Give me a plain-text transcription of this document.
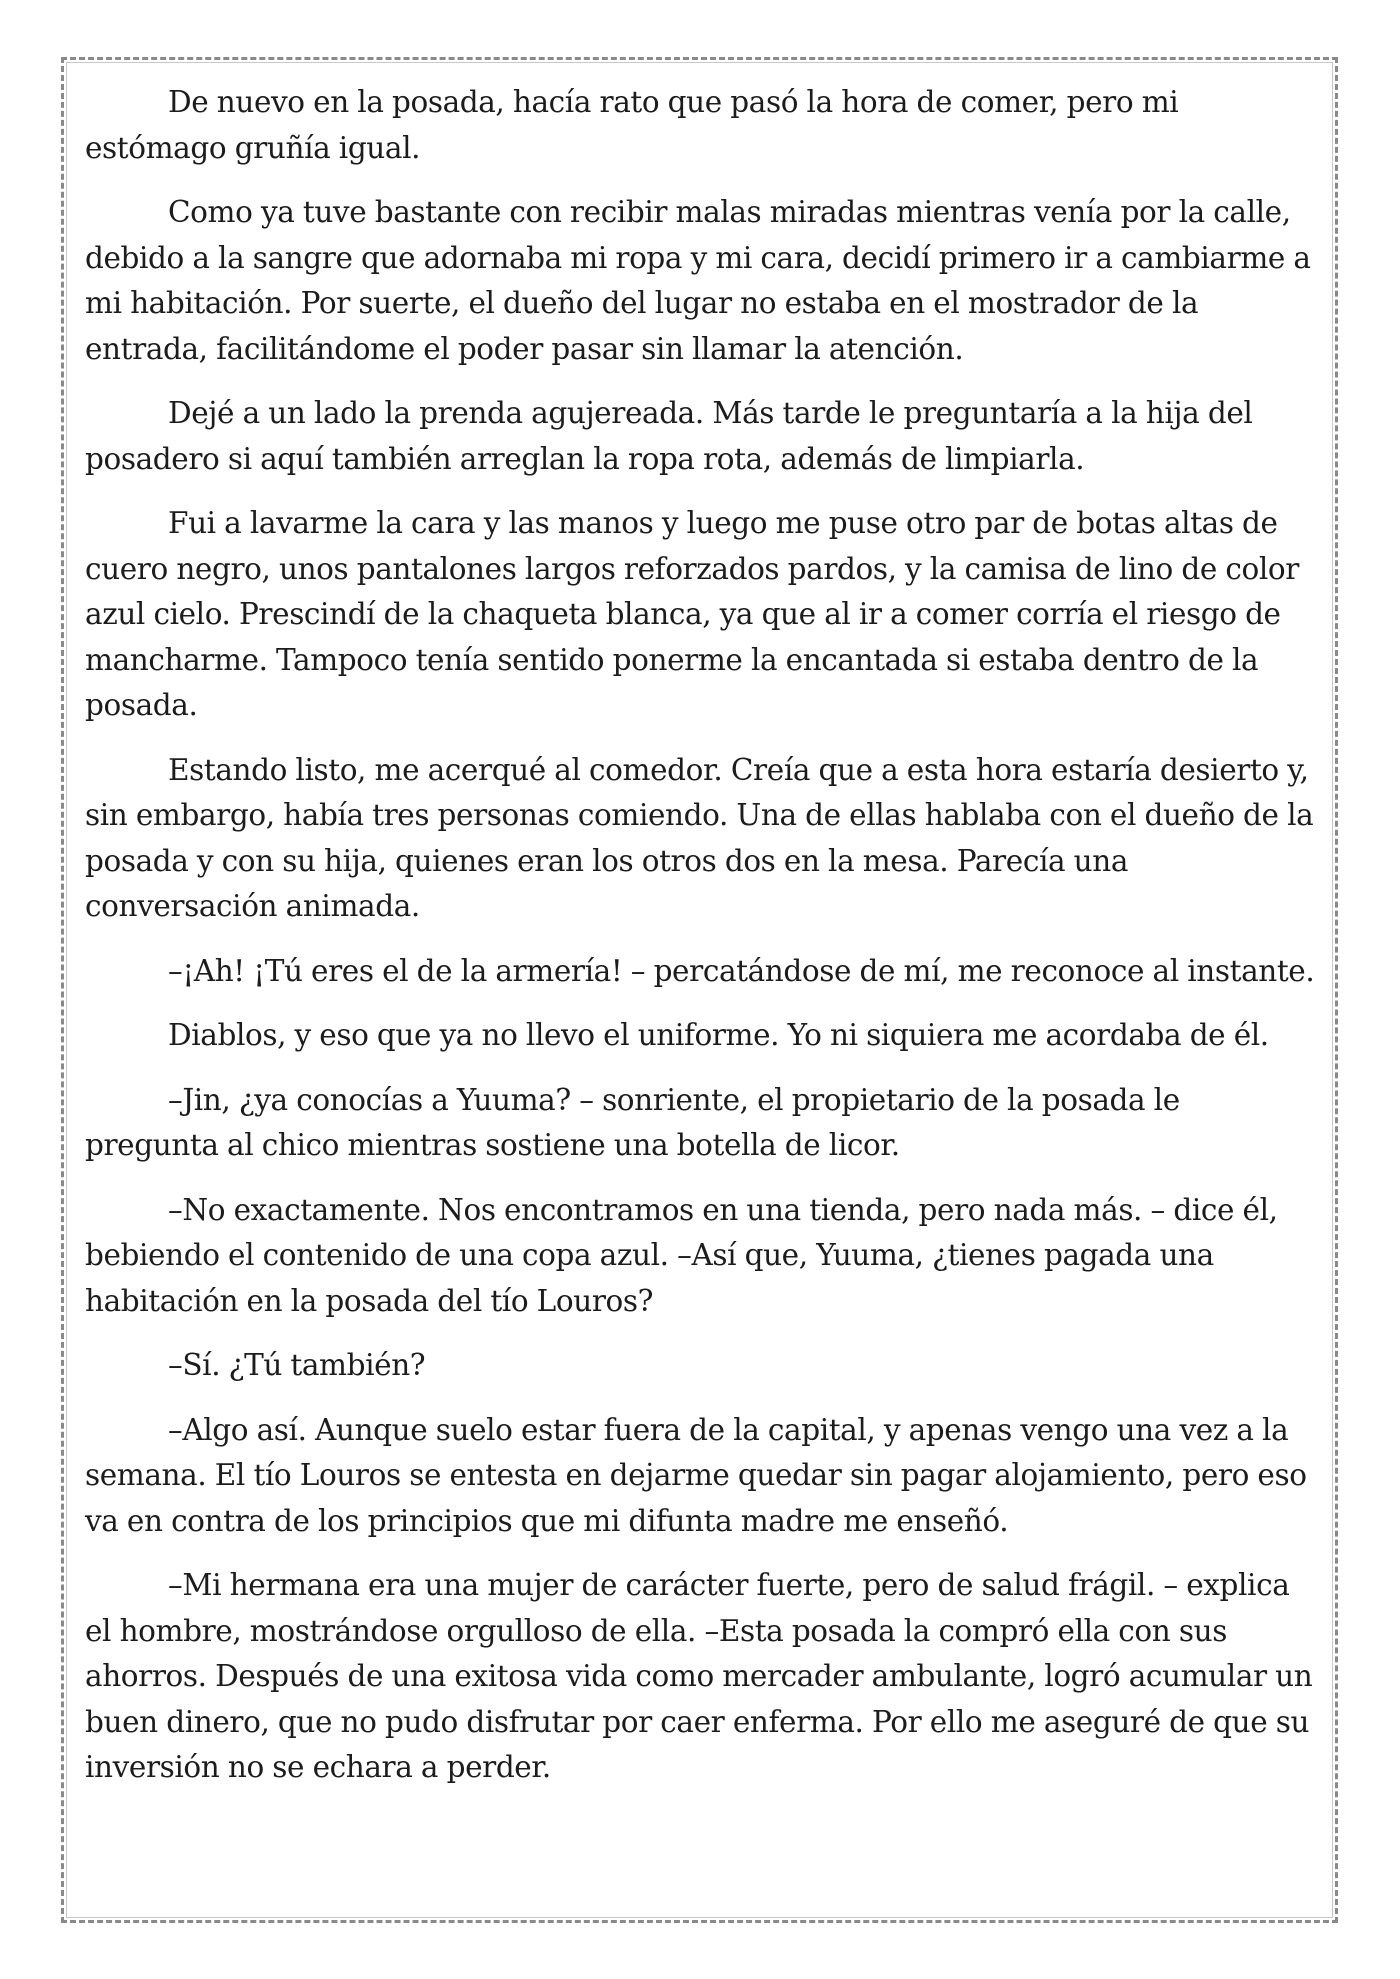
De nuevo en la posada, hacía rato que pasó la hora de comer, pero mi estómago gruñía igual.

Como ya tuve bastante con recibir malas miradas mientras venía por la calle, debido a la sangre que adornaba mi ropa y mi cara, decidí primero ir a cambiarme a mi habitación. Por suerte, el dueño del lugar no estaba en el mostrador de la entrada, facilitándome el poder pasar sin llamar la atención.

Dejé a un lado la prenda agujereada. Más tarde le preguntaría a la hija del posadero si aquí también arreglan la ropa rota, además de limpiarla.

Fui a lavarme la cara y las manos y luego me puse otro par de botas altas de cuero negro, unos pantalones largos reforzados pardos, y la camisa de lino de color azul cielo. Prescindí de la chaqueta blanca, ya que al ir a comer corría el riesgo de mancharme. Tampoco tenía sentido ponerme la encantada si estaba dentro de la posada.

Estando listo, me acerqué al comedor. Creía que a esta hora estaría desierto y, sin embargo, había tres personas comiendo. Una de ellas hablaba con el dueño de la posada y con su hija, quienes eran los otros dos en la mesa. Parecía una conversación animada.

–¡Ah! ¡Tú eres el de la armería! – percatándose de mí, me reconoce al instante.

Diablos, y eso que ya no llevo el uniforme. Yo ni siquiera me acordaba de él.

–Jin, ¿ya conocías a Yuuma? – sonriente, el propietario de la posada le pregunta al chico mientras sostiene una botella de licor.

–No exactamente. Nos encontramos en una tienda, pero nada más. – dice él, bebiendo el contenido de una copa azul. –Así que, Yuuma, ¿tienes pagada una habitación en la posada del tío Louros?

–Sí. ¿Tú también?

–Algo así. Aunque suelo estar fuera de la capital, y apenas vengo una vez a la semana. El tío Louros se entesta en dejarme quedar sin pagar alojamiento, pero eso va en contra de los principios que mi difunta madre me enseñó.

–Mi hermana era una mujer de carácter fuerte, pero de salud frágil. – explica el hombre, mostrándose orgulloso de ella. –Esta posada la compró ella con sus ahorros. Después de una exitosa vida como mercader ambulante, logró acumular un buen dinero, que no pudo disfrutar por caer enferma. Por ello me aseguré de que su inversión no se echara a perder.
